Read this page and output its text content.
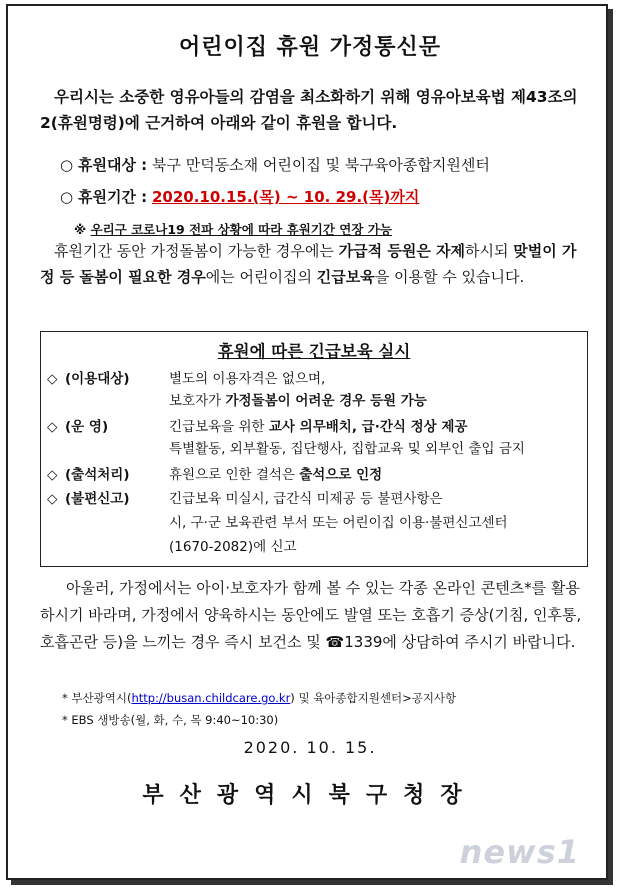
어린이집 휴원 가정통신문
우리시는 소중한 영유아들의 감염을 최소화하기 위해 영유아보육법 제43조의2(휴원명령)에 근거하여 아래와 같이 휴원을 합니다.
○ 휴원대상 : 북구 만덕동소재 어린이집 및 북구육아종합지원센터
○ 휴원기간 : 2020.10.15.(목) ~ 10. 29.(목)까지
※ 우리구 코로나19 전파 상황에 따라 휴원기간 연장 가능
휴원기간 동안 가정돌봄이 가능한 경우에는 가급적 등원은 자제하시되 맞벌이 가정 등 돌봄이 필요한 경우에는 어린이집의 긴급보육을 이용할 수 있습니다.
휴원에 따른 긴급보육 실시
◇ (이용대상)	별도의 이용자격은 없으며,
보호자가 가정돌봄이 어려운 경우 등원 가능
◇ (운 영)	긴급보육을 위한 교사 의무배치, 급·간식 정상 제공
특별활동, 외부활동, 집단행사, 집합교육 및 외부인 출입 금지
◇ (출석처리)	휴원으로 인한 결석은 출석으로 인정
◇ (불편신고)	긴급보육 미실시, 급간식 미제공 등 불편사항은
시, 구·군 보육관련 부서 또는 어린이집 이용·불편신고센터
(1670-2082)에 신고
아울러, 가정에서는 아이·보호자가 함께 볼 수 있는 각종 온라인 콘텐츠*를 활용하시기 바라며, 가정에서 양육하시는 동안에도 발열 또는 호흡기 증상(기침, 인후통, 호흡곤란 등)을 느끼는 경우 즉시 보건소 및 ☎1339에 상담하여 주시기 바랍니다.
* 부산광역시(http://busan.childcare.go.kr) 및 육아종합지원센터>공지사항
* EBS 생방송(월, 화, 수, 목 9:40~10:30)
2020. 10. 15.
부산광역시북구청장
news1
